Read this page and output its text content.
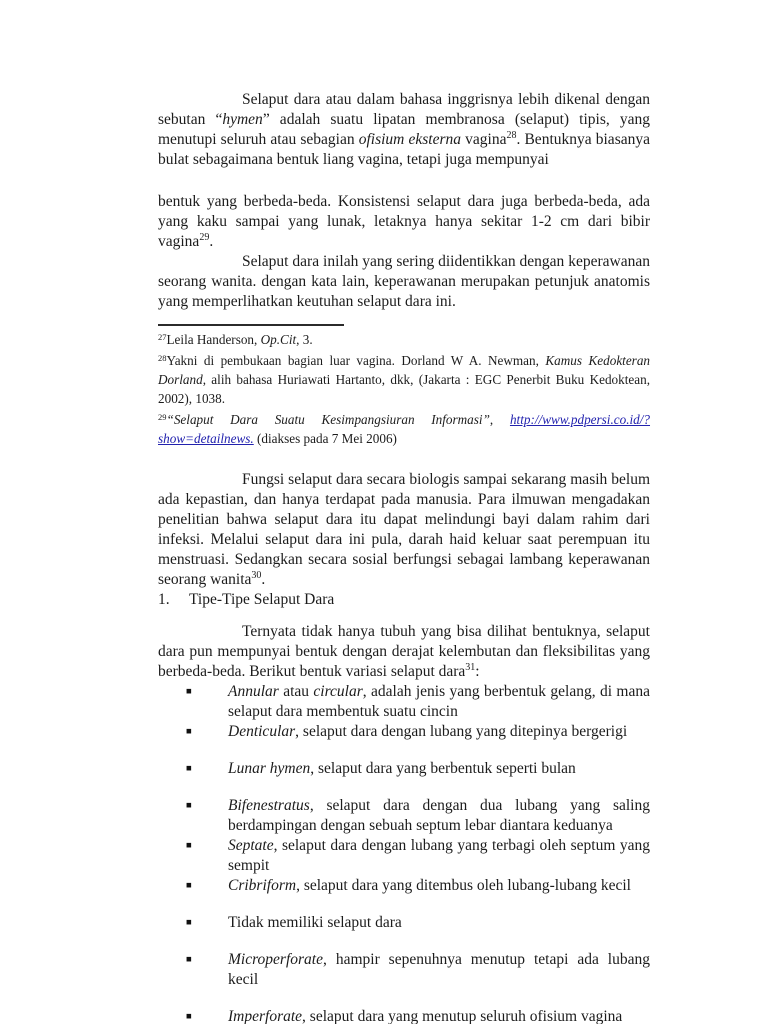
Selaput dara atau dalam bahasa inggrisnya lebih dikenal dengan sebutan “hymen” adalah suatu lipatan membranosa (selaput) tipis, yang menutupi seluruh atau sebagian ofisium eksterna vagina$^{28}$. Bentuknya biasanya bulat sebagaimana bentuk liang vagina, tetapi juga mempunyai

bentuk yang berbeda-beda. Konsistensi selaput dara juga berbeda-beda, ada yang kaku sampai yang lunak, letaknya hanya sekitar 1-2 cm dari bibir vagina$^{29}$.

Selaput dara inilah yang sering diidentikkan dengan keperawanan seorang wanita. dengan kata lain, keperawanan merupakan petunjuk anatomis yang memperlihatkan keutuhan selaput dara ini.

$^{27}$Leila Handerson, Op.Cit, 3.

$^{28}$Yakni di pembukaan bagian luar vagina. Dorland W A. Newman, Kamus Kedokteran Dorland, alih bahasa Huriawati Hartanto, dkk, (Jakarta : EGC Penerbit Buku Kedoktean, 2002), 1038.

$^{29}$“Selaput Dara Suatu Kesimpangsiuran Informasi”, http://www.pdpersi.co.id/?show=detailnews. (diakses pada 7 Mei 2006)

Fungsi selaput dara secara biologis sampai sekarang masih belum ada kepastian, dan hanya terdapat pada manusia. Para ilmuwan mengadakan penelitian bahwa selaput dara itu dapat melindungi bayi dalam rahim dari infeksi. Melalui selaput dara ini pula, darah haid keluar saat perempuan itu menstruasi. Sedangkan secara sosial berfungsi sebagai lambang keperawanan seorang wanita$^{30}$.

1. Tipe-Tipe Selaput Dara

Ternyata tidak hanya tubuh yang bisa dilihat bentuknya, selaput dara pun mempunyai bentuk dengan derajat kelembutan dan fleksibilitas yang berbeda-beda. Berikut bentuk variasi selaput dara$^{31}$:

■ Annular atau circular, adalah jenis yang berbentuk gelang, di mana selaput dara membentuk suatu cincin
■ Denticular, selaput dara dengan lubang yang ditepinya bergerigi
■ Lunar hymen, selaput dara yang berbentuk seperti bulan
■ Bifenestratus, selaput dara dengan dua lubang yang saling berdampingan dengan sebuah septum lebar diantara keduanya
■ Septate, selaput dara dengan lubang yang terbagi oleh septum yang sempit
■ Cribriform, selaput dara yang ditembus oleh lubang-lubang kecil
■ Tidak memiliki selaput dara
■ Microperforate, hampir sepenuhnya menutup tetapi ada lubang kecil
■ Imperforate, selaput dara yang menutup seluruh ofisium vagina
